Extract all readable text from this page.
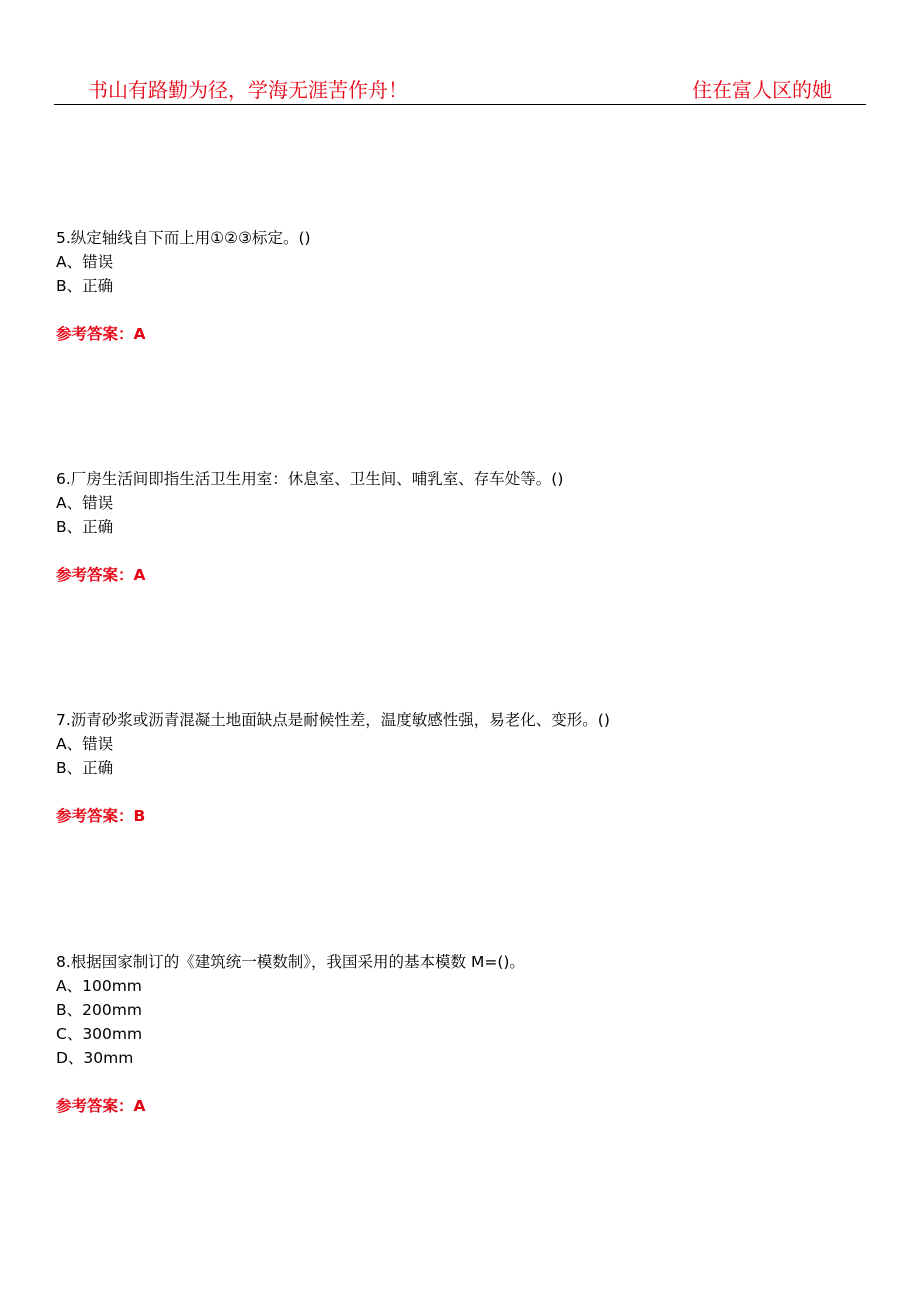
书山有路勤为径，学海无涯苦作舟！	住在富人区的她
5.纵定轴线自下而上用①②③标定。()
A、错误
B、正确
参考答案：A
6.厂房生活间即指生活卫生用室：休息室、卫生间、哺乳室、存车处等。()
A、错误
B、正确
参考答案：A
7.沥青砂浆或沥青混凝土地面缺点是耐候性差，温度敏感性强，易老化、变形。()
A、错误
B、正确
参考答案：B
8.根据国家制订的《建筑统一模数制》，我国采用的基本模数 M=()。
A、100mm
B、200mm
C、300mm
D、30mm
参考答案：A
